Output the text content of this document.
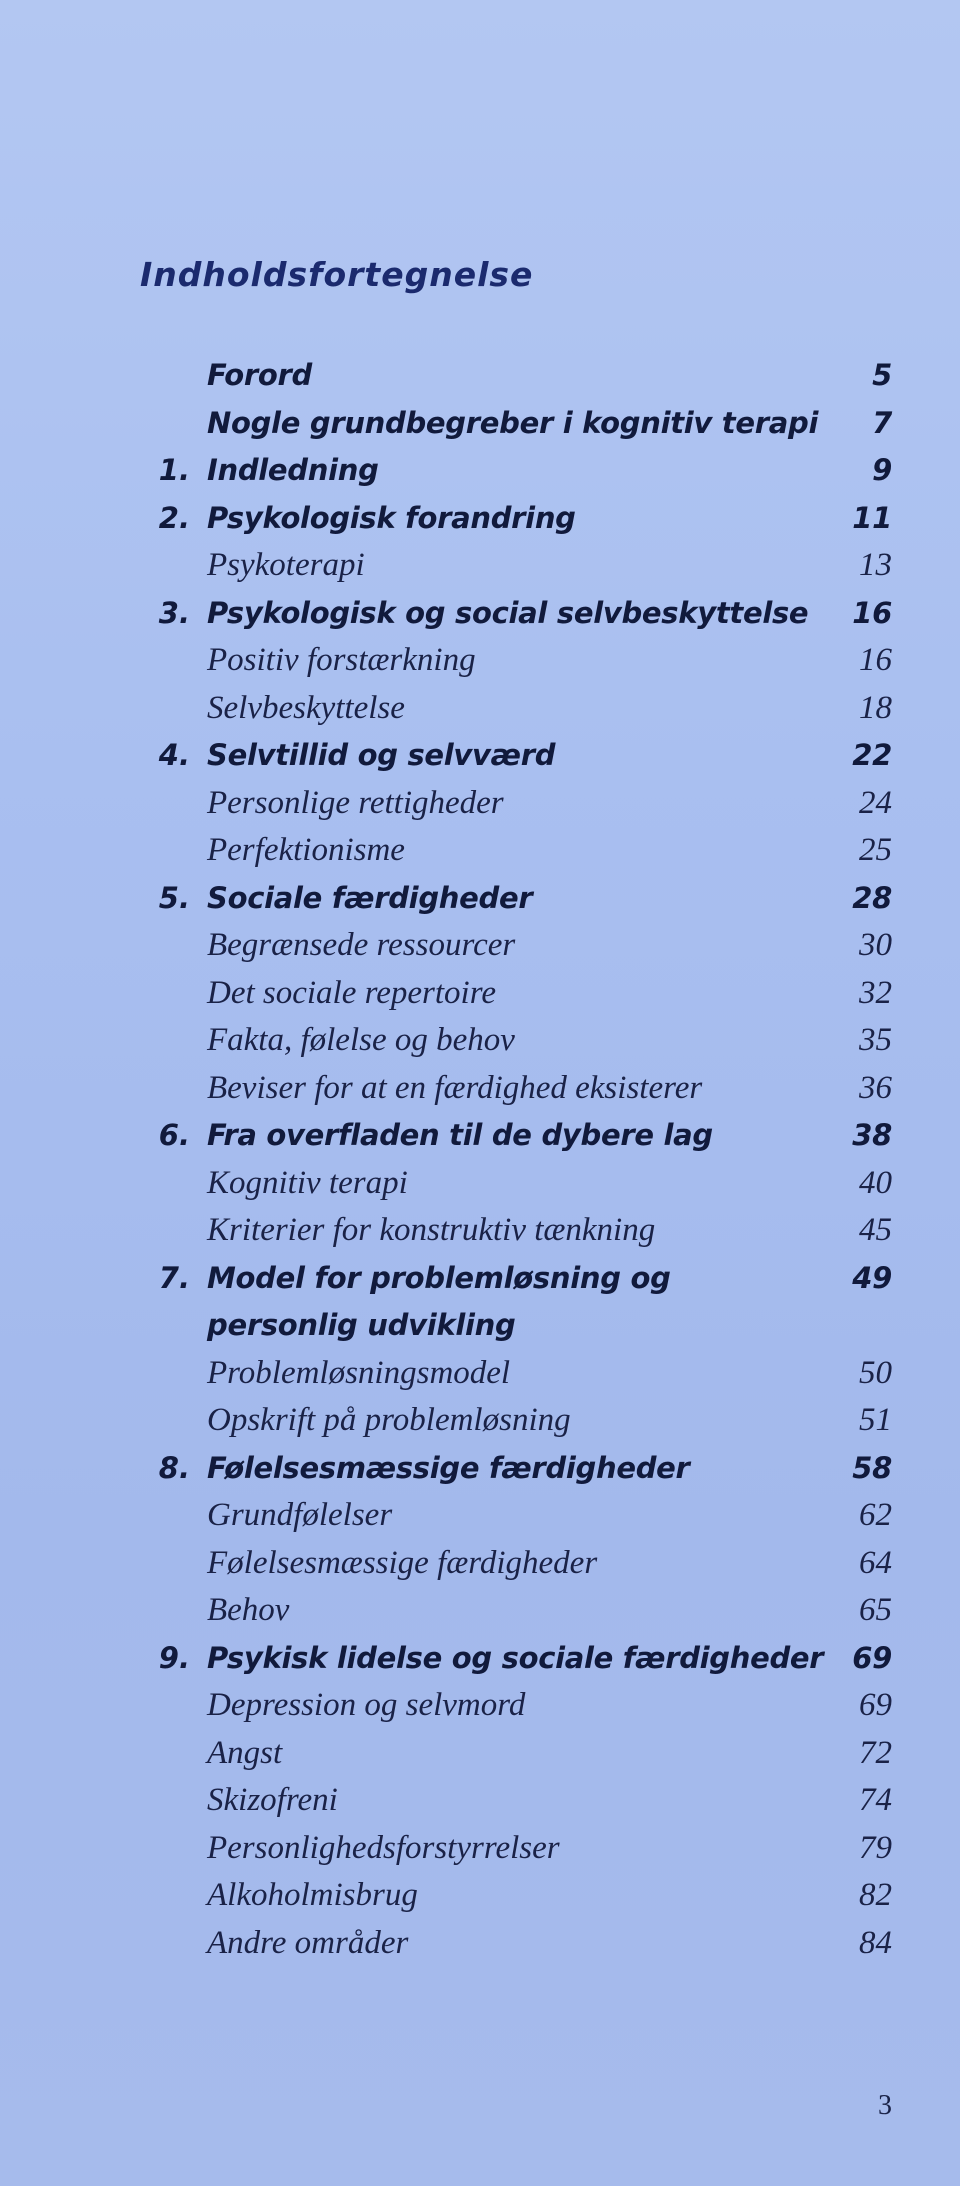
Indholdsfortegnelse
Forord	5
Nogle grundbegreber i kognitiv terapi 7
1. Indledning	9
2. Psykologisk forandring	11
Psykoterapi	13
3. Psykologisk og social selvbeskyttelse 16
Positiv forstærkning	16
Selvbeskyttelse	18
4. Selvtillid og selvværd	22
Personlige rettigheder	24
Perfektionisme	25
5. Sociale færdigheder	28
Begrænsede ressourcer	30
Det sociale repertoire	32
Fakta, følelse og behov	35
Beviser for at en færdighed eksisterer	36
6. Fra overfladen til de dybere lag	38
Kognitiv terapi	40
Kriterier for konstruktiv tænkning	45
7. Model for problemløsning og	49
personlig udvikling
Problemløsningsmodel	50
Opskrift på problemløsning	51
8. Følelsesmæssige færdigheder	58
Grundfølelser	62
Følelsesmæssige færdigheder	64
Behov	65
9. Psykisk lidelse og sociale færdigheder 69
Depression og selvmord	69
Angst	72
Skizofreni	74
Personlighedsforstyrrelser	79
Alkoholmisbrug	82
Andre områder	84
3
